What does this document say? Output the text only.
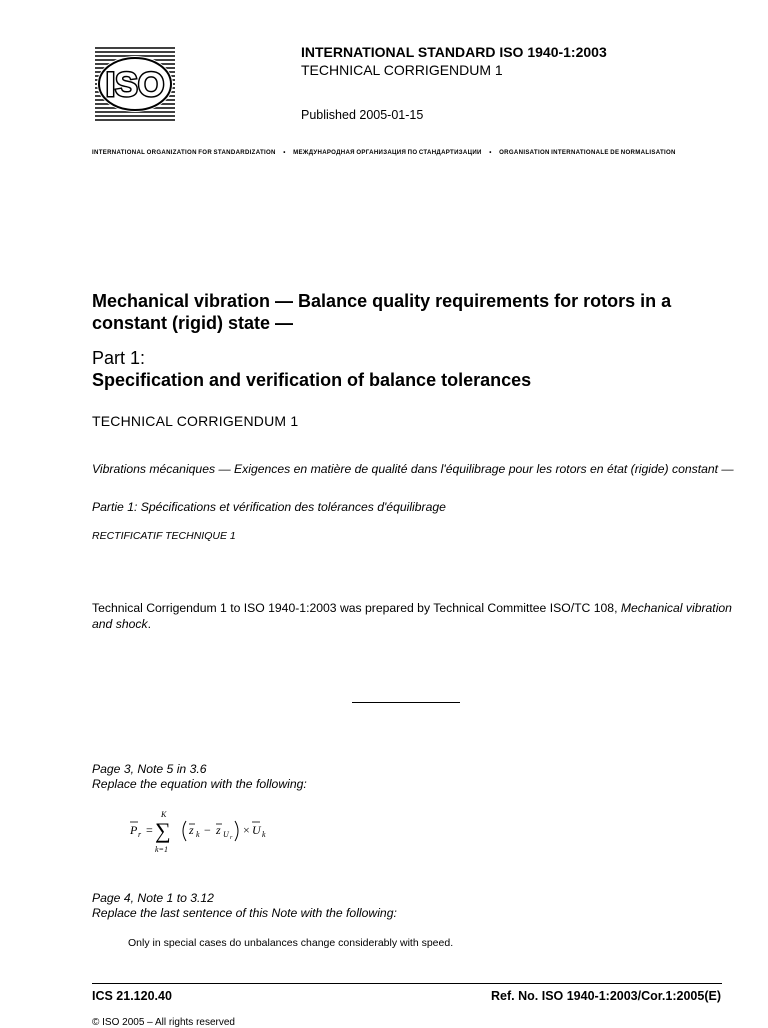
ISO
INTERNATIONAL STANDARD ISO 1940-1:2003
TECHNICAL CORRIGENDUM 1
Published 2005-01-15
INTERNATIONAL ORGANIZATION FOR STANDARDIZATION • МЕЖДУНАРОДНАЯ ОРГАНИЗАЦИЯ ПО СТАНДАРТИЗАЦИИ • ORGANISATION INTERNATIONALE DE NORMALISATION
Mechanical vibration — Balance quality requirements for rotors in a constant (rigid) state —
Part 1:
Specification and verification of balance tolerances
TECHNICAL CORRIGENDUM 1
Vibrations mécaniques — Exigences en matière de qualité dans l'équilibrage pour les rotors en état (rigide) constant —
Partie 1: Spécifications et vérification des tolérances d'équilibrage
RECTIFICATIF TECHNIQUE 1
Technical Corrigendum 1 to ISO 1940-1:2003 was prepared by Technical Committee ISO/TC 108, Mechanical vibration and shock.
Page 3, Note 5 in 3.6
Replace the equation with the following:
P r =
K
∑
k=1
z k − z U r
× U k
Page 4, Note 1 to 3.12
Replace the last sentence of this Note with the following:
Only in special cases do unbalances change considerably with speed.
ICS 21.120.40	Ref. No. ISO 1940-1:2003/Cor.1:2005(E)
© ISO 2005 – All rights reserved
